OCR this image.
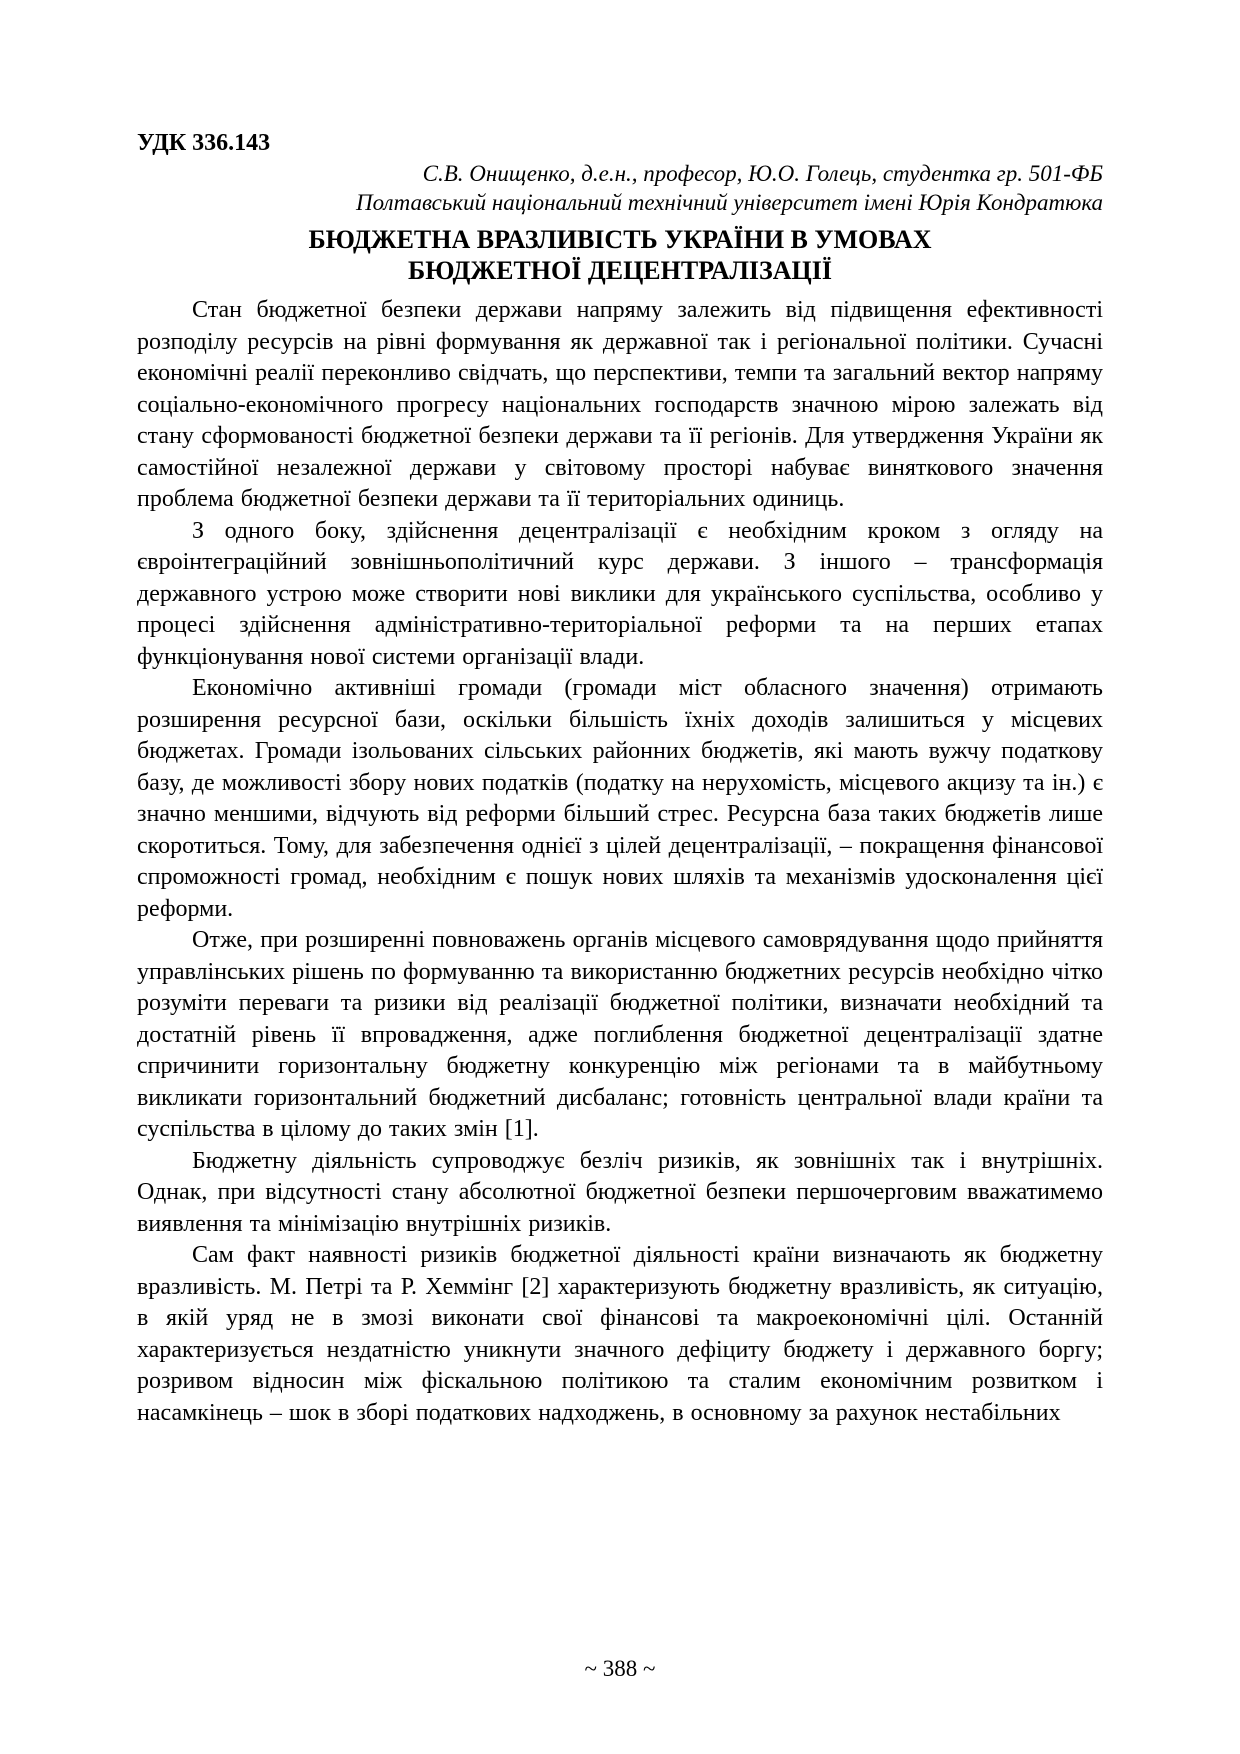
УДК 336.143
С.В. Онищенко, д.е.н., професор, Ю.О. Голець, студентка гр. 501-ФБ
Полтавський національний технічний університет імені Юрія Кондратюка
БЮДЖЕТНА ВРАЗЛИВІСТЬ УКРАЇНИ В УМОВАХ БЮДЖЕТНОЇ ДЕЦЕНТРАЛІЗАЦІЇ

Стан бюджетної безпеки держави напряму залежить від підвищення ефективності розподілу ресурсів на рівні формування як державної так і регіональної політики. Сучасні економічні реалії переконливо свідчать, що перспективи, темпи та загальний вектор напряму соціально-економічного прогресу національних господарств значною мірою залежать від стану сформованості бюджетної безпеки держави та її регіонів. Для утвердження України як самостійної незалежної держави у світовому просторі набуває виняткового значення проблема бюджетної безпеки держави та її територіальних одиниць.

З одного боку, здійснення децентралізації є необхідним кроком з огляду на євроінтеграційний зовнішньополітичний курс держави. З іншого – трансформація державного устрою може створити нові виклики для українського суспільства, особливо у процесі здійснення адміністративно-територіальної реформи та на перших етапах функціонування нової системи організації влади.

Економічно активніші громади (громади міст обласного значення) отримають розширення ресурсної бази, оскільки більшість їхніх доходів залишиться у місцевих бюджетах. Громади ізольованих сільських районних бюджетів, які мають вужчу податкову базу, де можливості збору нових податків (податку на нерухомість, місцевого акцизу та ін.) є значно меншими, відчують від реформи більший стрес. Ресурсна база таких бюджетів лише скоротиться. Тому, для забезпечення однієї з цілей децентралізації, – покращення фінансової спроможності громад, необхідним є пошук нових шляхів та механізмів удосконалення цієї реформи.

Отже, при розширенні повноважень органів місцевого самоврядування щодо прийняття управлінських рішень по формуванню та використанню бюджетних ресурсів необхідно чітко розуміти переваги та ризики від реалізації бюджетної політики, визначати необхідний та достатній рівень її впровадження, адже поглиблення бюджетної децентралізації здатне спричинити горизонтальну бюджетну конкуренцію між регіонами та в майбутньому викликати горизонтальний бюджетний дисбаланс; готовність центральної влади країни та суспільства в цілому до таких змін [1].

Бюджетну діяльність супроводжує безліч ризиків, як зовнішніх так і внутрішніх. Однак, при відсутності стану абсолютної бюджетної безпеки першочерговим вважатимемо виявлення та мінімізацію внутрішніх ризиків.

Сам факт наявності ризиків бюджетної діяльності країни визначають як бюджетну вразливість. М. Петрі та Р. Хеммінг [2] характеризують бюджетну вразливість, як ситуацію, в якій уряд не в змозі виконати свої фінансові та макроекономічні цілі. Останній характеризується нездатністю уникнути значного дефіциту бюджету і державного боргу; розривом відносин між фіскальною політикою та сталим економічним розвитком і насамкінець – шок в зборі податкових надходжень, в основному за рахунок нестабільних

~ 388 ~
